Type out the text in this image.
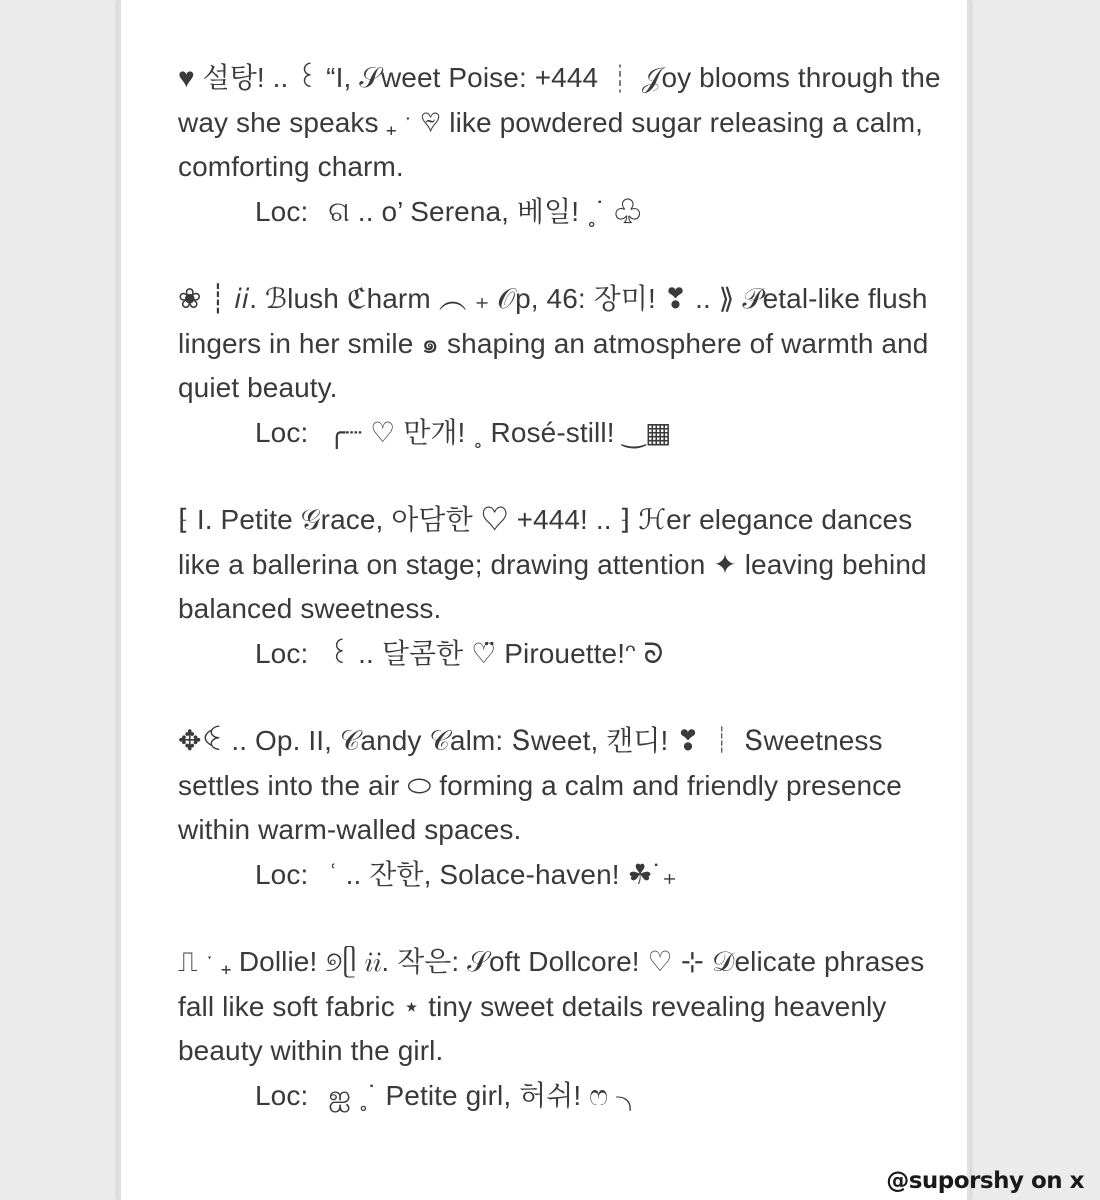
♥ 설탕! .. ꒰ “I, 𝒮weet Poise: +444 ┊ 𝒥oy blooms through the way she speaks ₊ ˑ ♡̴ like powdered sugar releasing a calm, comforting charm.
Loc: ଗ .. o’ Serena, 베일! ˳˙ ♧
❀ ┊ 𝑖𝑖. ℬlush ℭharm ︵ ₊ 𝒪p, 46: 장미! ❣ .. ⟫ 𝒫etal-like flush lingers in her smile ๑ shaping an atmosphere of warmth and quiet beauty.
Loc: ╭┈ ♡ 만개! ˳ Rosé-still! ‿▦
⁅ I. Petite 𝒢race, 아담한 ♡ +444! .. ⁆ ℋer elegance dances like a ballerina on stage; drawing attention ✦ leaving behind balanced sweetness.
Loc: ꒰ .. 달콤한 ♡̈ Pirouette!ᵔ ᘐ
✥ꒊ .. Op. II, 𝒞andy 𝒞alm: Տweet, 캔디! ❣ ┊ Տweetness settles into the air ⬭ forming a calm and friendly presence within warm-walled spaces.
Loc: ʿ .. 잔한, Solace-haven! ☘˙₊
⎍ ˑ ₊ Dollie! ୭ᥫ 𝑖𝑖. 작은: 𝒮oft Dollcore! ♡ ⊹ 𝒟elicate phrases fall like soft fabric ⋆ tiny sweet details revealing heavenly beauty within the girl.
Loc: ஐ ˳˙ Petite girl, 허쉬! ෆ ╮
@suporshy on x
